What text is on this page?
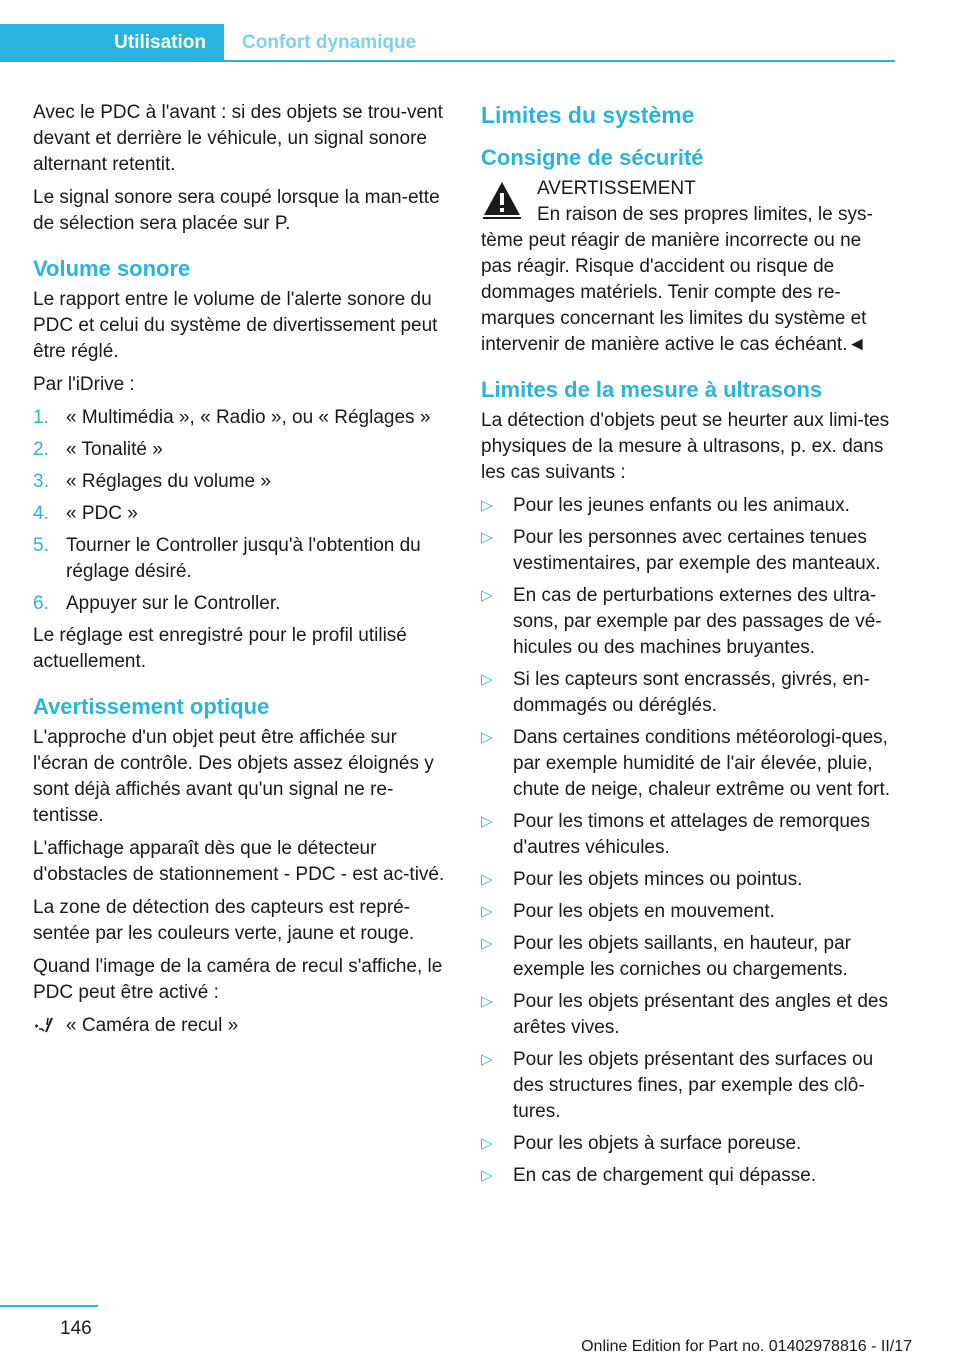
Utilisation Confort dynamique

Avec le PDC à l'avant : si des objets se trou-vent devant et derrière le véhicule, un signal sonore alternant retentit.

Le signal sonore sera coupé lorsque la man-ette de sélection sera placée sur P.

Volume sonore

Le rapport entre le volume de l'alerte sonore du PDC et celui du système de divertissement peut être réglé.

Par l'iDrive :

1. « Multimédia », « Radio », ou « Réglages »
2. « Tonalité »
3. « Réglages du volume »
4. « PDC »
5. Tourner le Controller jusqu'à l'obtention du réglage désiré.
6. Appuyer sur le Controller.

Le réglage est enregistré pour le profil utilisé actuellement.

Avertissement optique

L'approche d'un objet peut être affichée sur l'écran de contrôle. Des objets assez éloignés y sont déjà affichés avant qu'un signal ne re-tentisse.

L'affichage apparaît dès que le détecteur d'obstacles de stationnement - PDC - est ac-tivé.

La zone de détection des capteurs est repré-sentée par les couleurs verte, jaune et rouge.

Quand l'image de la caméra de recul s'affiche, le PDC peut être activé :

« Caméra de recul »
Limites du système
Consigne de sécurité
AVERTISSEMENT
En raison de ses propres limites, le sys-tème peut réagir de manière incorrecte ou ne pas réagir. Risque d'accident ou risque de dommages matériels. Tenir compte des re-marques concernant les limites du système et intervenir de manière active le cas échéant.◄
Limites de la mesure à ultrasons

La détection d'objets peut se heurter aux limi-tes physiques de la mesure à ultrasons, p. ex. dans les cas suivants :

▷ Pour les jeunes enfants ou les animaux.
▷ Pour les personnes avec certaines tenues vestimentaires, par exemple des manteaux.
▷ En cas de perturbations externes des ultra-sons, par exemple par des passages de vé-hicules ou des machines bruyantes.
▷ Si les capteurs sont encrassés, givrés, en-dommagés ou déréglés.
▷ Dans certaines conditions météorologi-ques, par exemple humidité de l'air élevée, pluie, chute de neige, chaleur extrême ou vent fort.
▷ Pour les timons et attelages de remorques d'autres véhicules.
▷ Pour les objets minces ou pointus.
▷ Pour les objets en mouvement.
▷ Pour les objets saillants, en hauteur, par exemple les corniches ou chargements.
▷ Pour les objets présentant des angles et des arêtes vives.
▷ Pour les objets présentant des surfaces ou des structures fines, par exemple des clô-tures.
▷ Pour les objets à surface poreuse.
▷ En cas de chargement qui dépasse.
146
Online Edition for Part no. 01402978816 - II/17
